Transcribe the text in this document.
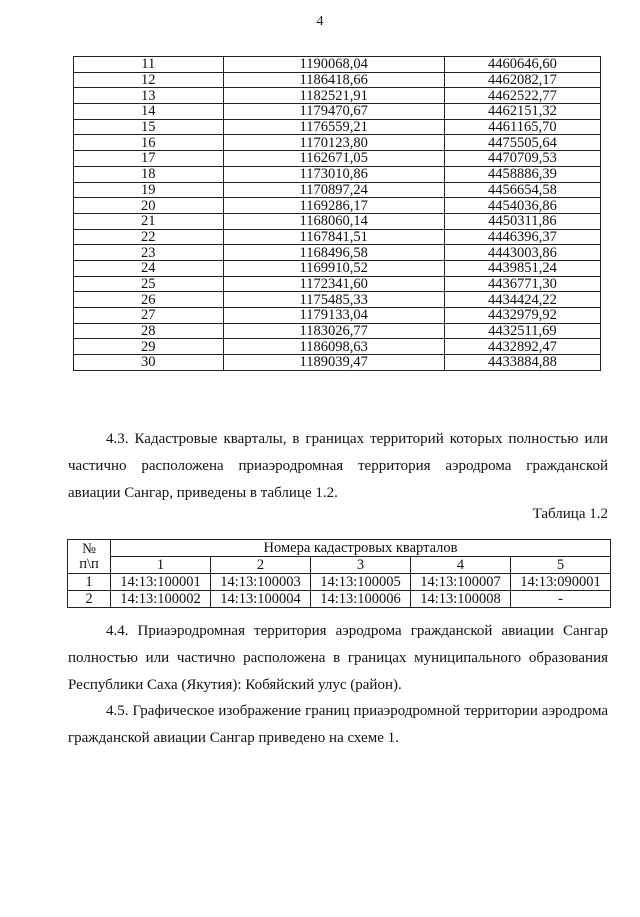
4
11	1190068,04	4460646,60
12	1186418,66	4462082,17
13	1182521,91	4462522,77
14	1179470,67	4462151,32
15	1176559,21	4461165,70
16	1170123,80	4475505,64
17	1162671,05	4470709,53
18	1173010,86	4458886,39
19	1170897,24	4456654,58
20	1169286,17	4454036,86
21	1168060,14	4450311,86
22	1167841,51	4446396,37
23	1168496,58	4443003,86
24	1169910,52	4439851,24
25	1172341,60	4436771,30
26	1175485,33	4434424,22
27	1179133,04	4432979,92
28	1183026,77	4432511,69
29	1186098,63	4432892,47
30	1189039,47	4433884,88

4.3. Кадастровые кварталы, в границах территорий которых полностью или частично расположена приаэродромная территория аэродрома гражданской авиации Сангар, приведены в таблице 1.2.

Таблица 1.2
№
п\п	Номера кадастровых кварталов				
	1	2	3	4	5
1	14:13:100001	14:13:100003	14:13:100005	14:13:100007	14:13:090001
2	14:13:100002	14:13:100004	14:13:100006	14:13:100008	-

4.4. Приаэродромная территория аэродрома гражданской авиации Сангар полностью или частично расположена в границах муниципального образования Республики Саха (Якутия): Кобяйский улус (район).

4.5. Графическое изображение границ приаэродромной территории аэродрома гражданской авиации Сангар приведено на схеме 1.
